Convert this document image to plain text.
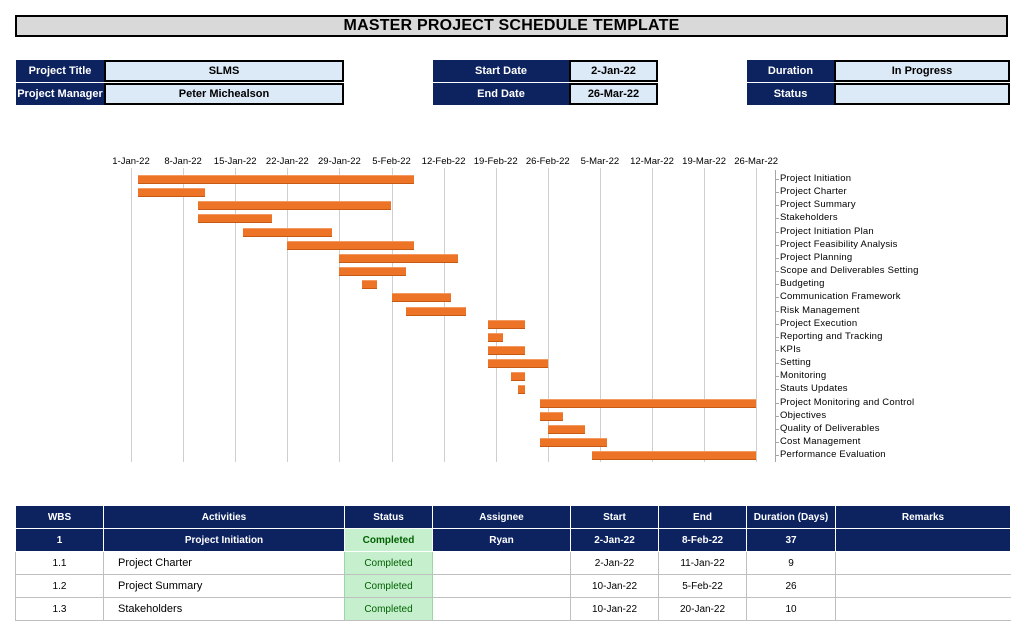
MASTER PROJECT SCHEDULE TEMPLATE
Project Title	SLMS
Project Manager	Peter Michealson
Start Date	2-Jan-22
End Date	26-Mar-22
Duration	In Progress
Status
1-Jan-22 8-Jan-22 15-Jan-22 22-Jan-22 29-Jan-22 5-Feb-22 12-Feb-22 19-Feb-22 26-Feb-22 5-Mar-22 12-Mar-22 19-Mar-22 26-Mar-22
Project Initiation
Project Charter
Project Summary
Stakeholders
Project Initiation Plan
Project Feasibility Analysis
Project Planning
Scope and Deliverables Setting
Budgeting
Communication Framework
Risk Management
Project Execution
Reporting and Tracking
KPIs
Setting
Monitoring
Stauts Updates
Project Monitoring and Control
Objectives
Quality of Deliverables
Cost Management
Performance Evaluation
WBS	Activities	Status	Assignee	Start	End	Duration (Days)	Remarks
1	Project Initiation	Completed	Ryan	2-Jan-22	8-Feb-22	37	
1.1	Project Charter	Completed		2-Jan-22	11-Jan-22	9	
1.2	Project Summary	Completed		10-Jan-22	5-Feb-22	26	
1.3	Stakeholders	Completed		10-Jan-22	20-Jan-22	10	
